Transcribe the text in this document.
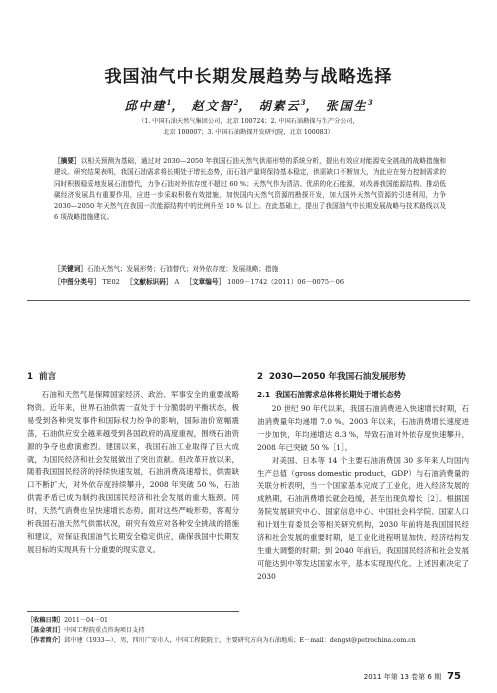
我国油气中长期发展趋势与战略选择
邱中建$^1$， 赵文智$^2$， 胡素云$^3$， 张国生$^3$
（1. 中国石油天然气集团公司，北京 100724；2. 中国石油勘探与生产分公司，
北京 100007；3. 中国石油勘探开发研究院，北京 100083）
［摘要］以相关预测为基础，通过对 2030—2050 年我国石油天然气供需形势的系统分析，提出有效应对能源安全挑战的战略措施和建议。研究结果表明，我国石油需求将长期处于增长态势，而石油产量将保持基本稳定，供需缺口不断加大，为此应在努力控制需求的同时积极稳妥地发展石油替代，力争石油对外依存度不超过 60 %；天然气作为清洁、优质的化石能源，对改善我国能源结构、推动低碳经济发展具有重要作用，应进一步采取积极有效措施，加快国内天然气资源的勘探开发，加大国外天然气资源的引进利用，力争 2030—2050 年天然气在我国一次能源结构中的比例升至 10 % 以上。在此基础上，提出了我国油气中长期发展战略与技术路线以及 6 项战略措施建议。
［关键词］石油天然气；发展形势；石油替代；对外依存度；发展战略；措施
［中图分类号］ TE02 ［文献标识码］ A ［文章编号］ 1009－1742（2011）06－0075－06
1 前言

石油和天然气是保障国家经济、政治、军事安全的重要战略物资。近年来，世界石油供需一直处于十分脆弱的平衡状态，极易受到各种突发事件和国际权力纷争的影响，国际油价宽幅震荡，石油供应安全越来越受到各国政府的高度重视，围绕石油资源的争夺也愈演愈烈。建国以来，我国石油工业取得了巨大成就，为国民经济和社会发展做出了突出贡献。但改革开放以来，随着我国国民经济的持续快速发展，石油消费高速增长，供需缺口不断扩大，对外依存度持续攀升，2008 年突破 50 %，石油供需矛盾已成为制约我国国民经济和社会发展的重大瓶颈。同时，天然气消费也呈快速增长态势。面对这些严峻形势，客观分析我国石油天然气供需状况，研究有效应对各种安全挑战的措施和建议，对保证我国油气长期安全稳定供应，确保我国中长期发展目标的实现具有十分重要的现实意义。

2 2030—2050 年我国石油发展形势
2.1 我国石油需求总体将长期处于增长态势

20 世纪 90 年代以来，我国石油消费进入快速增长时期，石油消费量年均递增 7.0 %。2003 年以来，石油消费增长速度进一步加快，年均递增达 8.3 %，导致石油对外依存度快速攀升，2008 年已突破 50 %［1］。

对美国、日本等 14 个主要石油消费国 30 多年来人均国内生产总值（gross domestic product，GDP）与石油消费量的关联分析表明，当一个国家基本完成了工业化，进入经济发展的成熟期，石油消费增长就会趋缓，甚至出现负增长［2］。根据国务院发展研究中心、国家信息中心、中国社会科学院、国家人口和计划生育委员会等相关研究机构，2030 年前将是我国国民经济和社会发展的重要时期，是工业化进程明显加快、经济结构发生重大调整的时期；到 2040 年前后，我国国民经济和社会发展可能达到中等发达国家水平，基本实现现代化。上述因素决定了 2030

［收稿日期］2011－04－01
［基金项目］中国工程院重点咨询项目支持
［作者简介］邱中建（1933—），男，四川广安市人，中国工程院院士，主要研究方向为石油地质；E－mail：dengst@petrochina.com.cn
2011 年第 13 卷第 6 期 75
